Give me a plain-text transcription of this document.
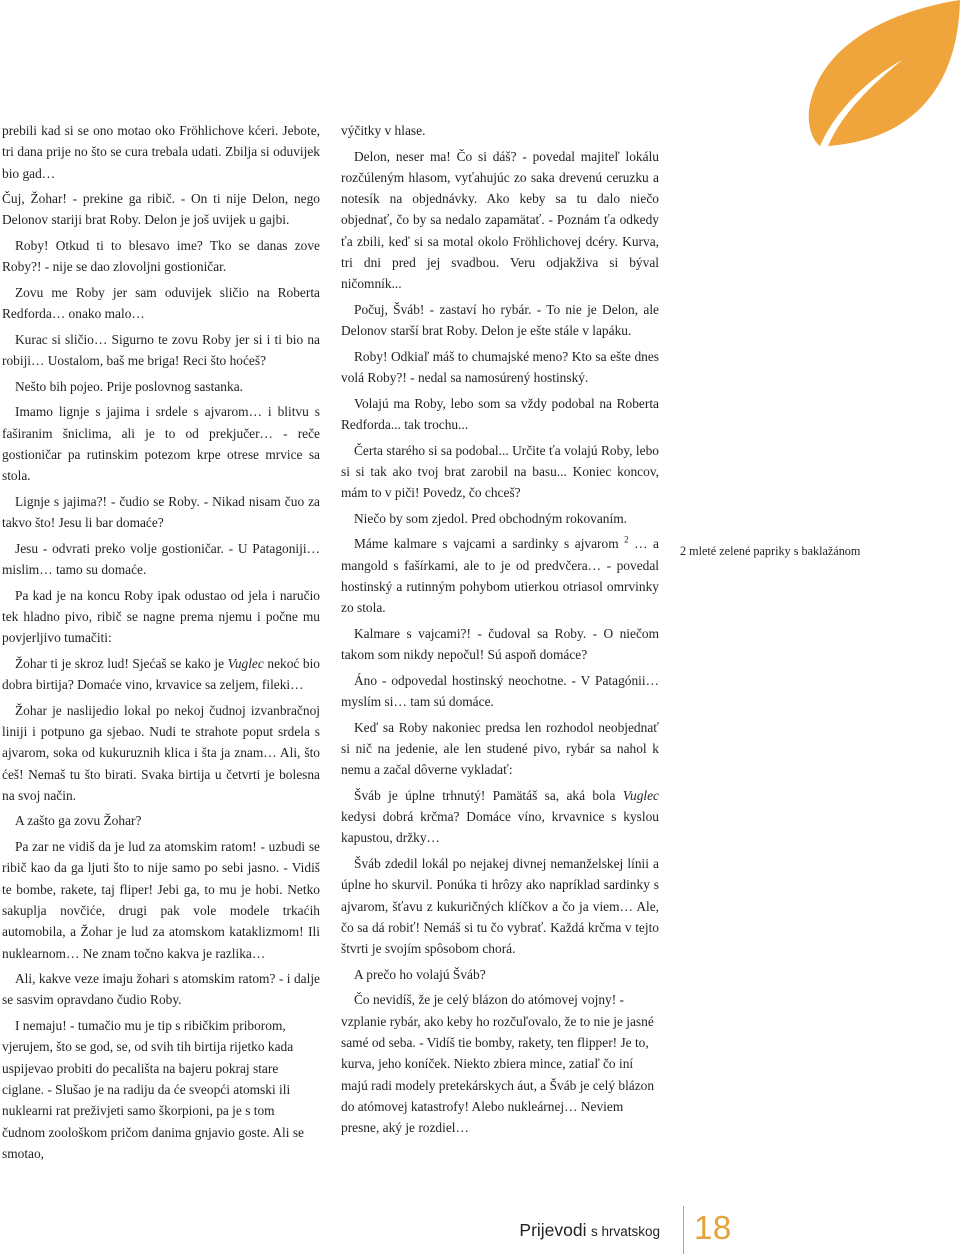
prebili kad si se ono motao oko Fröhlichove kćeri. Jebote, tri dana prije no što se cura trebala udati. Zbilja si oduvijek bio gad…

Čuj, Žohar! - prekine ga ribič. - On ti nije Delon, nego Delonov stariji brat Roby. Delon je još uvijek u gajbi.

Roby! Otkud ti to blesavo ime? Tko se danas zove Roby?! - nije se dao zlovoljni gostioničar.

Zovu me Roby jer sam oduvijek sličio na Roberta Redforda… onako malo…

Kurac si sličio… Sigurno te zovu Roby jer si i ti bio na robiji… Uostalom, baš me briga! Reci što hoćeš?

Nešto bih pojeo. Prije poslovnog sastanka.

Imamo lignje s jajima i srdele s ajvarom… i blitvu s faširanim šniclima, ali je to od prekjučer… - reče gostioničar pa rutinskim potezom krpe otrese mrvice sa stola.

Lignje s jajima?! - čudio se Roby. - Nikad nisam čuo za takvo što! Jesu li bar domaće?

Jesu - odvrati preko volje gostioničar. - U Patagoniji… mislim… tamo su domaće.

Pa kad je na koncu Roby ipak odustao od jela i naručio tek hladno pivo, ribič se nagne prema njemu i počne mu povjerljivo tumačiti:

Žohar ti je skroz lud! Sjećaš se kako je Vuglec nekoć bio dobra birtija? Domaće vino, krvavice sa zeljem, fileki…

Žohar je naslijedio lokal po nekoj čudnoj izvanbračnoj liniji i potpuno ga sjebao. Nudi te strahote poput srdela s ajvarom, soka od kukuruznih klica i šta ja znam… Ali, što ćeš! Nemaš tu što birati. Svaka birtija u četvrti je bolesna na svoj način.

A zašto ga zovu Žohar?

Pa zar ne vidiš da je lud za atomskim ratom! - uzbudi se ribič kao da ga ljuti što to nije samo po sebi jasno. - Vidiš te bombe, rakete, taj fliper! Jebi ga, to mu je hobi. Netko sakuplja novčiće, drugi pak vole modele trkaćih automobila, a Žohar je lud za atomskom kataklizmom! Ili nuklearnom… Ne znam točno kakva je razlika…

Ali, kakve veze imaju žohari s atomskim ratom? - i dalje se sasvim opravdano čudio Roby.

I nemaju! - tumačio mu je tip s ribičkim priborom, vjerujem, što se god, se, od svih tih birtija rijetko kada uspijevao probiti do pecališta na bajeru pokraj stare ciglane. - Slušao je na radiju da će sveopći atomski ili nuklearni rat preživjeti samo škorpioni, pa je s tom čudnom zoološkom pričom danima gnjavio goste. Ali se smotao,

výčitky v hlase.

Delon, neser ma! Čo si dáš? - povedal majiteľ lokálu rozčúleným hlasom, vyťahujúc zo saka drevenú ceruzku a notesík na objednávky. Ako keby sa tu dalo niečo objednať, čo by sa nedalo zapamätať. - Poznám ťa odkedy ťa zbili, keď si sa motal okolo Fröhlichovej dcéry. Kurva, tri dni pred jej svadbou. Veru odjakživa si býval ničomník...

Počuj, Šváb! - zastaví ho rybár. - To nie je Delon, ale Delonov starší brat Roby. Delon je ešte stále v lapáku.

Roby! Odkiaľ máš to chumajské meno? Kto sa ešte dnes volá Roby?! - nedal sa namosúrený hostinský.

Volajú ma Roby, lebo som sa vždy podobal na Roberta Redforda... tak trochu...

Čerta starého si sa podobal... Určite ťa volajú Roby, lebo si si tak ako tvoj brat zarobil na basu... Koniec koncov, mám to v piči! Povedz, čo chceš?

Niečo by som zjedol. Pred obchodným rokovaním.

Máme kalmare s vajcami a sardinky s ajvarom $^2$ … a mangold s fašírkami, ale to je od predvčera… - povedal hostinský a rutinným pohybom utierkou otriasol omrvinky zo stola.

Kalmare s vajcami?! - čudoval sa Roby. - O niečom takom som nikdy nepočul! Sú aspoň domáce?

Áno - odpovedal hostinský neochotne. - V Patagónii… myslím si… tam sú domáce.

Keď sa Roby nakoniec predsa len rozhodol neobjednať si nič na jedenie, ale len studené pivo, rybár sa nahol k nemu a začal dôverne vykladať:

Šváb je úplne trhnutý! Pamätáš sa, aká bola Vuglec kedysi dobrá krčma? Domáce víno, krvavnice s kyslou kapustou, držky…

Šváb zdedil lokál po nejakej divnej nemanželskej línii a úplne ho skurvil. Ponúka ti hrôzy ako napríklad sardinky s ajvarom, šťavu z kukuričných klíčkov a čo ja viem… Ale, čo sa dá robiť! Nemáš si tu čo vybrať. Každá krčma v tejto štvrti je svojím spôsobom chorá.

A prečo ho volajú Šváb?

Čo nevidíš, že je celý blázon do atómovej vojny! - vzplanie rybár, ako keby ho rozčuľovalo, že to nie je jasné samé od seba. - Vidíš tie bomby, rakety, ten flipper! Je to, kurva, jeho koníček. Niekto zbiera mince, zatiaľ čo iní majú radi modely pretekárskych áut, a Šváb je celý blázon do atómovej katastrofy! Alebo nukleárnej… Neviem presne, aký je rozdiel…

2 mleté zelené papriky s baklažánom
Prijevodi s hrvatskog 18
